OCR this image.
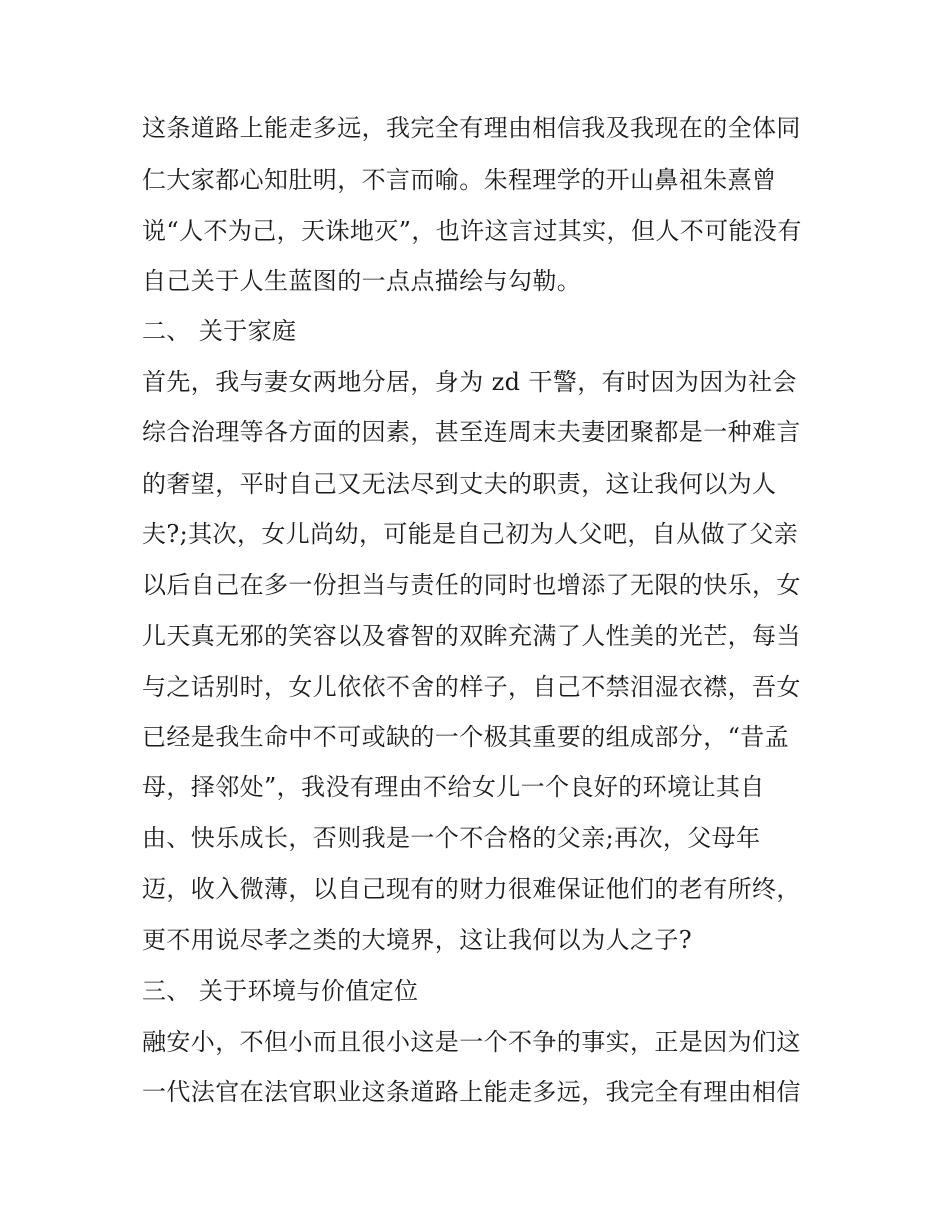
这条道路上能走多远，我完全有理由相信我及我现在的全体同
仁大家都心知肚明，不言而喻。朱程理学的开山鼻祖朱熹曾
说“人不为己，天诛地灭”，也许这言过其实，但人不可能没有
自己关于人生蓝图的一点点描绘与勾勒。
二、 关于家庭
首先，我与妻女两地分居，身为 zd 干警，有时因为因为社会
综合治理等各方面的因素，甚至连周末夫妻团聚都是一种难言
的奢望，平时自己又无法尽到丈夫的职责，这让我何以为人
夫?;其次，女儿尚幼，可能是自己初为人父吧，自从做了父亲
以后自己在多一份担当与责任的同时也增添了无限的快乐，女
儿天真无邪的笑容以及睿智的双眸充满了人性美的光芒，每当
与之话别时，女儿依依不舍的样子，自己不禁泪湿衣襟，吾女
已经是我生命中不可或缺的一个极其重要的组成部分，“昔孟
母，择邻处”，我没有理由不给女儿一个良好的环境让其自
由、快乐成长，否则我是一个不合格的父亲;再次，父母年
迈，收入微薄，以自己现有的财力很难保证他们的老有所终，
更不用说尽孝之类的大境界，这让我何以为人之子?
三、 关于环境与价值定位
融安小，不但小而且很小这是一个不争的事实，正是因为们这
一代法官在法官职业这条道路上能走多远，我完全有理由相信
